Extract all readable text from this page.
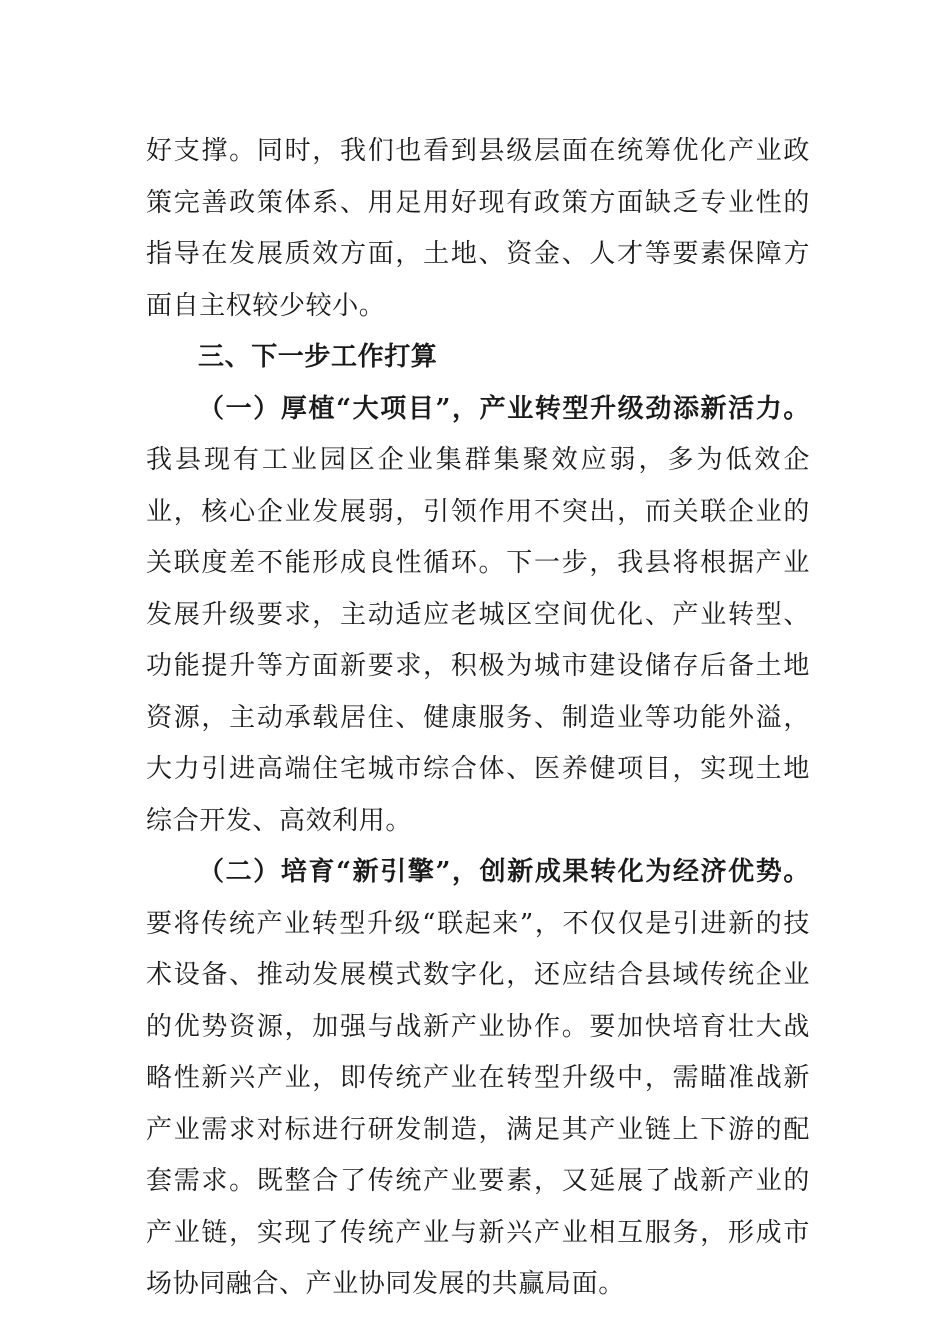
好支撑。同时，我们也看到县级层面在统筹优化产业政策完善政策体系、用足用好现有政策方面缺乏专业性的指导在发展质效方面，土地、资金、人才等要素保障方面自主权较少较小。

三、下一步工作打算

（一）厚植“大项目”，产业转型升级劲添新活力。我县现有工业园区企业集群集聚效应弱，多为低效企业，核心企业发展弱，引领作用不突出，而关联企业的关联度差不能形成良性循环。下一步，我县将根据产业发展升级要求，主动适应老城区空间优化、产业转型、功能提升等方面新要求，积极为城市建设储存后备土地资源，主动承载居住、健康服务、制造业等功能外溢，大力引进高端住宅城市综合体、医养健项目，实现土地综合开发、高效利用。

（二）培育“新引擎”，创新成果转化为经济优势。要将传统产业转型升级“联起来”，不仅仅是引进新的技术设备、推动发展模式数字化，还应结合县域传统企业的优势资源，加强与战新产业协作。要加快培育壮大战略性新兴产业，即传统产业在转型升级中，需瞄准战新产业需求对标进行研发制造，满足其产业链上下游的配套需求。既整合了传统产业要素，又延展了战新产业的产业链，实现了传统产业与新兴产业相互服务，形成市场协同融合、产业协同发展的共赢局面。
